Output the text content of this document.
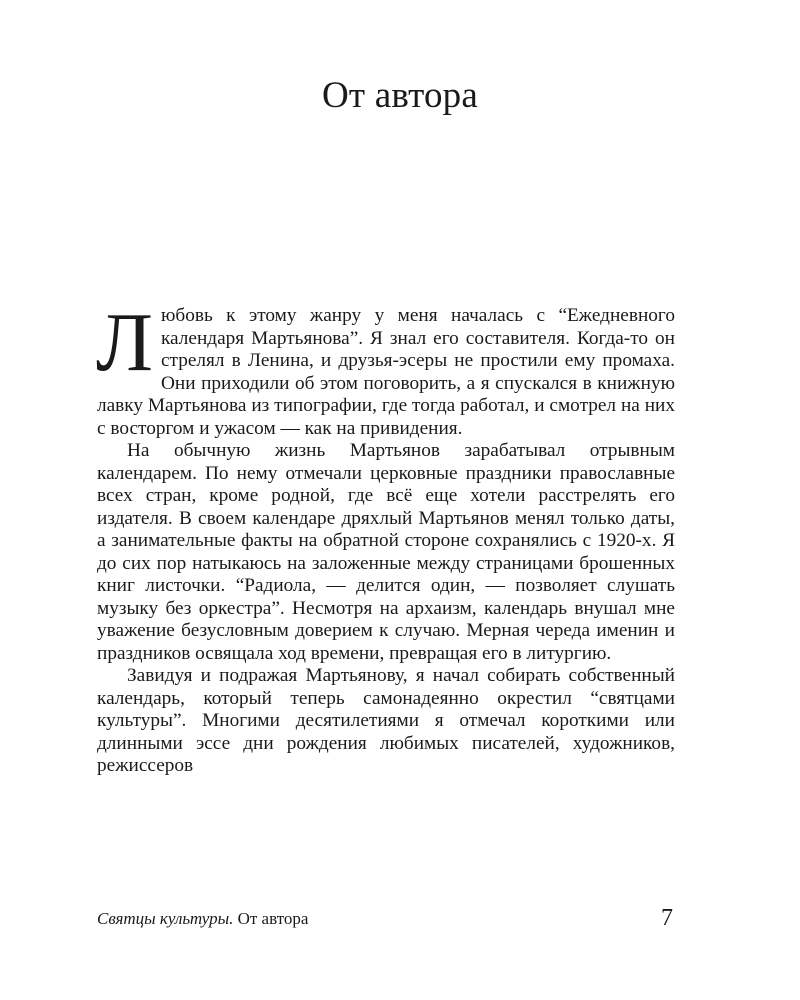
От автора

Любовь к этому жанру у меня началась с “Ежедневного календаря Мартьянова”. Я знал его составителя. Когда-то он стрелял в Ленина, и друзья-эсеры не простили ему промаха. Они приходили об этом поговорить, а я спускался в книжную лавку Мартьянова из типографии, где тогда работал, и смотрел на них с восторгом и ужасом — как на привидения.

На обычную жизнь Мартьянов зарабатывал отрывным календарем. По нему отмечали церковные праздники православные всех стран, кроме родной, где всё еще хотели расстрелять его издателя. В своем календаре дряхлый Мартьянов менял только даты, а занимательные факты на обратной стороне сохранялись с 1920-х. Я до сих пор натыкаюсь на заложенные между страницами брошенных книг листочки. “Радиола, — делится один, — позволяет слушать музыку без оркестра”. Несмотря на архаизм, календарь внушал мне уважение безусловным доверием к случаю. Мерная череда именин и праздников освящала ход времени, превращая его в литургию.

Завидуя и подражая Мартьянову, я начал собирать собственный календарь, который теперь самонадеянно окрестил “святцами культуры”. Многими десятилетиями я отмечал короткими или длинными эссе дни рождения любимых писателей, художников, режиссеров

Святцы культуры. От автора	7
